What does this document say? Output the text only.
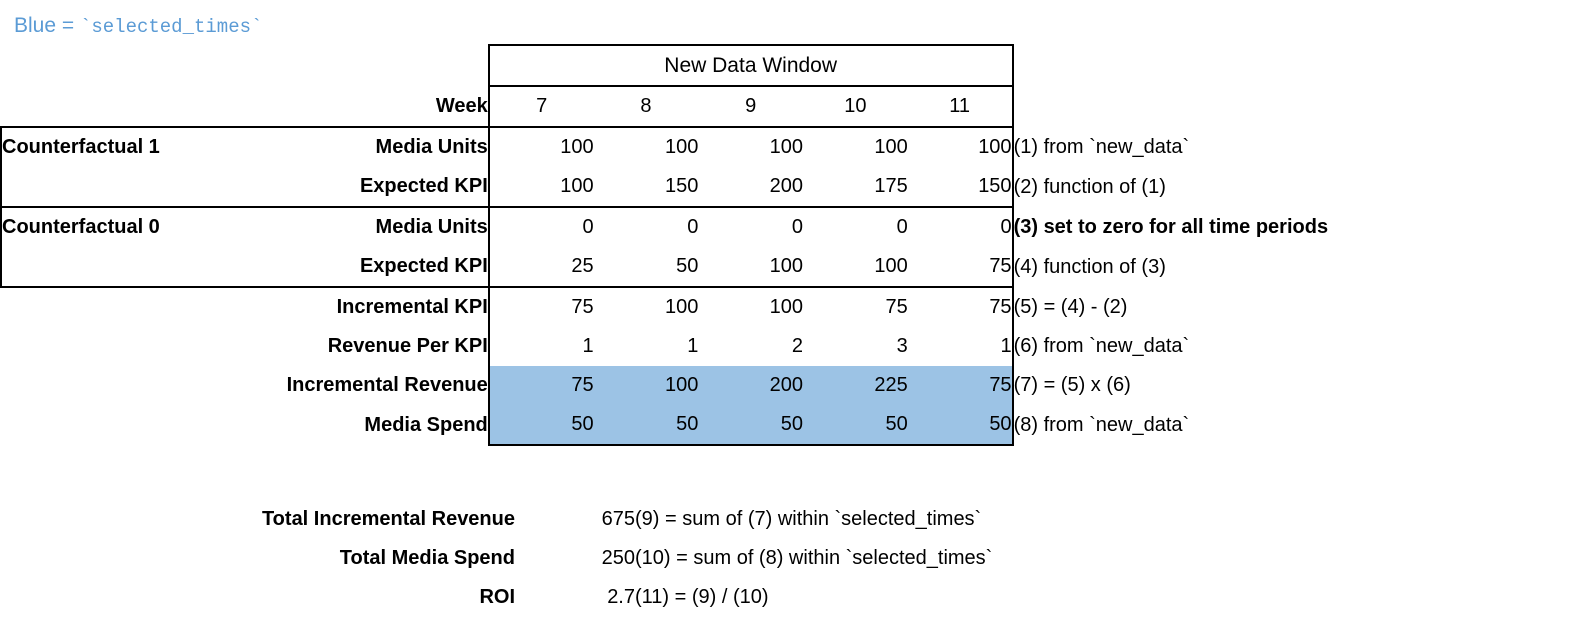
Blue = `selected_times`
		New Data Window					
	Week	7	8	9	10	11	
Counterfactual 1	Media Units	100	100	100	100	100	(1) from `new_data`
	Expected KPI	100	150	200	175	150	(2) function of (1)
Counterfactual 0	Media Units	0	0	0	0	0	(3) set to zero for all time periods
	Expected KPI	25	50	100	100	75	(4) function of (3)
	Incremental KPI	75	100	100	75	75	(5) = (4) - (2)
	Revenue Per KPI	1	1	2	3	1	(6) from `new_data`
	Incremental Revenue	75	100	200	225	75	(7) = (5) x (6)
	Media Spend	50	50	50	50	50	(8) from `new_data`
Total Incremental Revenue	675	(9) = sum of (7) within `selected_times`
Total Media Spend	250	(10) = sum of (8) within `selected_times`
ROI	2.7	(11) = (9) / (10)
